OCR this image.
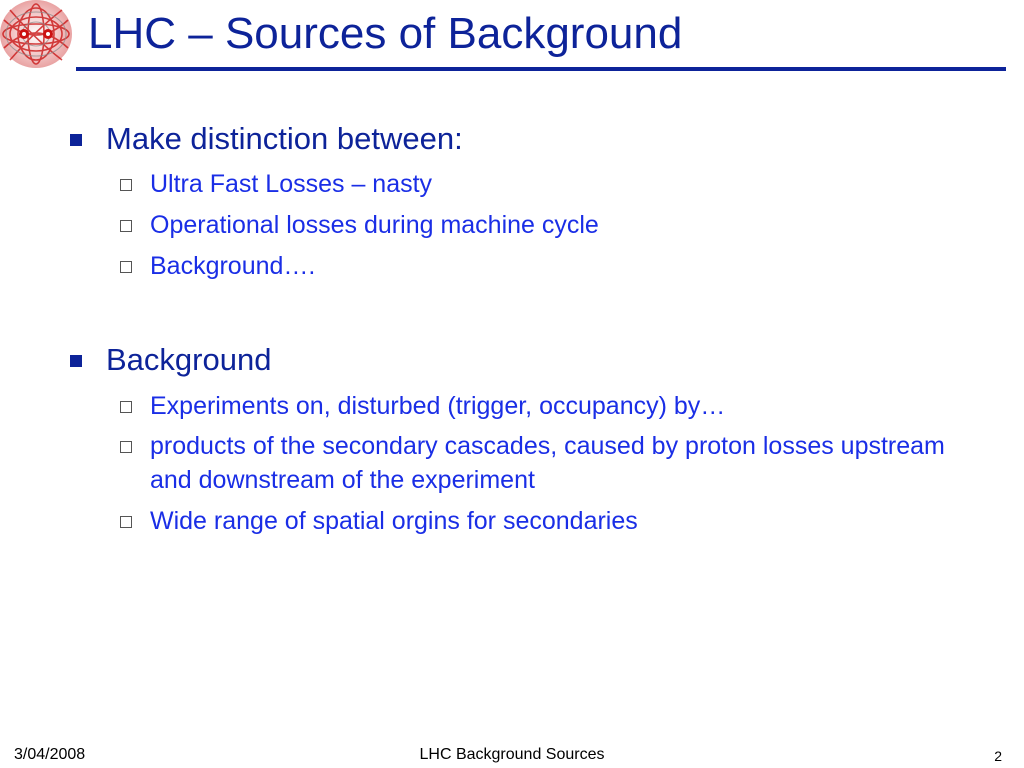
LHC – Sources of Background
Make distinction between:
Ultra Fast Losses – nasty
Operational losses during machine cycle
Background….
Background
Experiments on, disturbed (trigger, occupancy) by…
products of the secondary cascades, caused by proton losses upstream and downstream of the experiment
Wide range of spatial orgins for secondaries
3/04/2008	LHC Background Sources	2
